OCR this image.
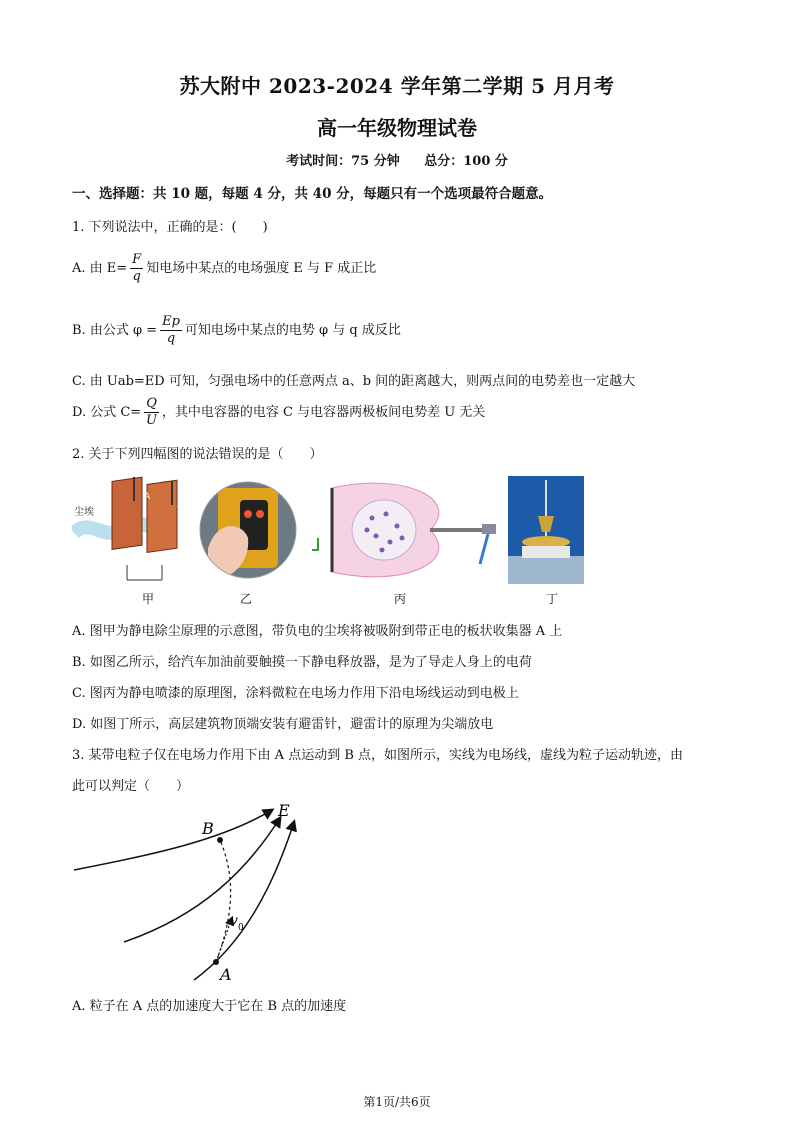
苏大附中 2023-2024 学年第二学期 5 月月考
高一年级物理试卷
考试时间：75 分钟 总分：100 分
一、选择题：共 10 题，每题 4 分，共 40 分，每题只有一个选项最符合题意。
1. 下列说法中，正确的是：(　　)
A. 由 $E= \frac{F}{q}$ 知电场中某点的电场强度 E 与 F 成正比
B. 由公式 $\varphi = \frac{Ep}{q}$ 可知电场中某点的电势 φ 与 q 成反比
C. 由 Uab=ED 可知，匀强电场中的任意两点 a、b 间的距离越大，则两点间的电势差也一定越大
D. 公式 $C= \frac{Q}{U}$ ，其中电容器的电容 C 与电容器两极板间电势差 U 无关
2. 关于下列四幅图的说法错误的是（　　）
尘埃
A
A
甲	乙	丙	丁
A. 图甲为静电除尘原理的示意图，带负电的尘埃将被吸附到带正电的板状收集器 A 上
B. 如图乙所示，给汽车加油前要触摸一下静电释放器，是为了导走人身上的电荷
C. 图丙为静电喷漆的原理图，涂料微粒在电场力作用下沿电场线运动到电极上
D. 如图丁所示，高层建筑物顶端安装有避雷针，避雷计的原理为尖端放电
3. 某带电粒子仅在电场力作用下由 A 点运动到 B 点，如图所示，实线为电场线，虚线为粒子运动轨迹，由
此可以判定（　　）
B
E
A
v 0
A. 粒子在 A 点的加速度大于它在 B 点的加速度
第1页/共6页
